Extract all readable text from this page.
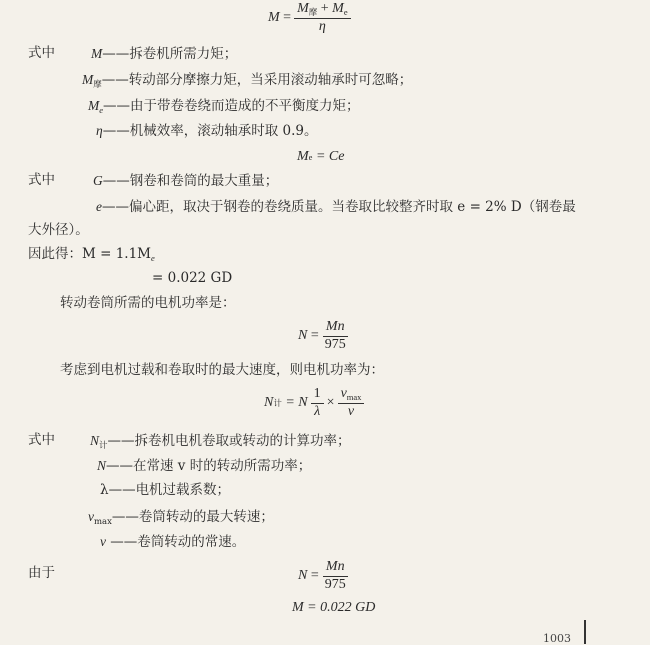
M
= $\frac{M_摩 + M_e}{\eta}$
式中	M——拆卷机所需力矩；
$M_摩——$转动部分摩擦力矩，当采用滚动轴承时可忽略；
$M_e——$由于带卷卷绕而造成的不平衡度力矩；
η——机械效率，滚动轴承时取 0.9。
M e
= Ce
式中	G——钢卷和卷筒的最大重量；
e——偏心距，取决于钢卷的卷绕质量。当卷取比较整齐时取 e = 2% D（钢卷最
大外径）。
因此得：$M = 1.1M_e$
= 0.022 GD
转动卷筒所需的电机功率是：
N
= $\frac{Mn}{975}$
考虑到电机过载和卷取时的最大速度，则电机功率为：
N 计
= N $\frac{1}{\lambda} \times \frac{v_{max}}{v}$
式中	$N_计——$拆卷机电机卷取或转动的计算功率；
N——在常速 v 时的转动所需功率；
λ——电机过载系数；
$v_{max}——$卷筒转动的最大转速；
v ——卷筒转动的常速。
由于	N
= $\frac{Mn}{975}$
M = 0.022 GD
1003
